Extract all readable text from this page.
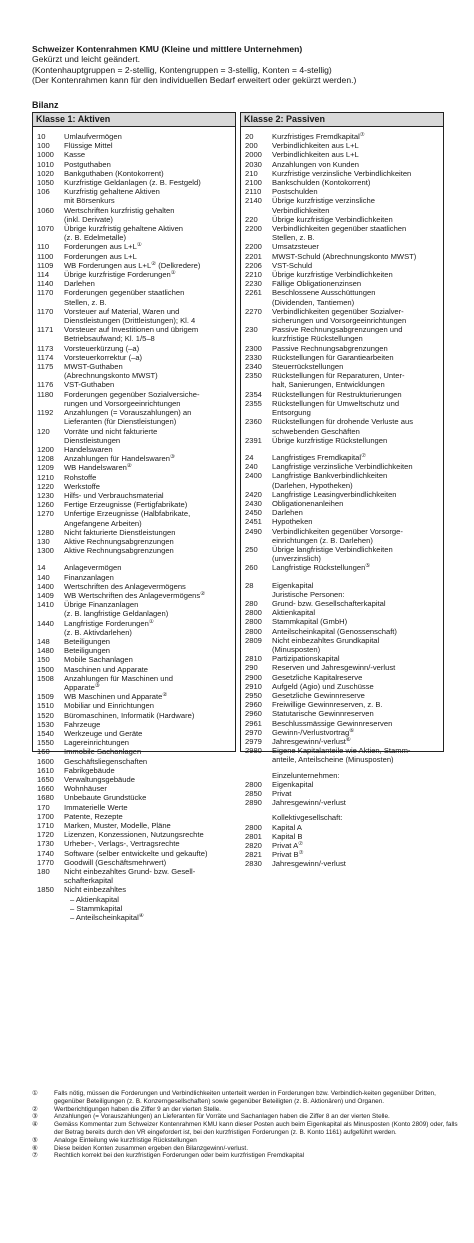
Schweizer Kontenrahmen KMU (Kleine und mittlere Unternehmen)
Gekürzt und leicht geändert.
(Kontenhauptgruppen = 2-stellig, Kontengruppen = 3-stellig, Konten = 4-stellig)
(Der Kontenrahmen kann für den individuellen Bedarf erweitert oder gekürzt werden.)
Bilanz
Klasse 1: Aktiven
10	Umlaufvermögen
100	Flüssige Mittel
1000	Kasse
1010	Postguthaben
1020	Bankguthaben (Kontokorrent)
1050	Kurzfristige Geldanlagen (z. B. Festgeld)
106	Kurzfristig gehaltene Aktiven
mit Börsenkurs
1060	Wertschriften kurzfristig gehalten
(inkl. Derivate)
1070	Übrige kurzfristig gehaltene Aktiven
(z. B. Edelmetalle)
110	Forderungen aus L+L①
1100	Forderungen aus L+L
1109	WB Forderungen aus L+L② (Delkredere)
114	Übrige kurzfristige Forderungen①
1140	Darlehen
1170	Forderungen gegenüber staatlichen
Stellen, z. B.
1170	Vorsteuer auf Material, Waren und
Dienstleistungen (Drittleistungen); Kl. 4
1171	Vorsteuer auf Investitionen und übrigem
Betriebsaufwand; Kl. 1/5–8
1173	Vorsteuerkürzung (–a)
1174	Vorsteuerkorrektur (–a)
1175	MWST-Guthaben
(Abrechnungskonto MWST)
1176	VST-Guthaben
1180	Forderungen gegenüber Sozialversiche-
rungen und Vorsorgeeinrichtungen
1192	Anzahlungen (= Vorauszahlungen) an
Lieferanten (für Dienstleistungen)
120	Vorräte und nicht fakturierte
Dienstleistungen
1200	Handelswaren
1208	Anzahlungen für Handelswaren③
1209	WB Handelswaren②
1210	Rohstoffe
1220	Werkstoffe
1230	Hilfs- und Verbrauchsmaterial
1260	Fertige Erzeugnisse (Fertigfabrikate)
1270	Unfertige Erzeugnisse (Halbfabrikate,
Angefangene Arbeiten)
1280	Nicht fakturierte Dienstleistungen
130	Aktive Rechnungsabgrenzungen
1300	Aktive Rechnungsabgrenzungen
14	Anlagevermögen
140	Finanzanlagen
1400	Wertschriften des Anlagevermögens
1409	WB Wertschriften des Anlagevermögens②
1410	Übrige Finanzanlagen
(z. B. langfristige Geldanlagen)
1440	Langfristige Forderungen①
(z. B. Aktivdarlehen)
148	Beteiligungen
1480	Beteiligungen
150	Mobile Sachanlagen
1500	Maschinen und Apparate
1508	Anzahlungen für Maschinen und
Apparate③
1509	WB Maschinen und Apparate②
1510	Mobiliar und Einrichtungen
1520	Büromaschinen, Informatik (Hardware)
1530	Fahrzeuge
1540	Werkzeuge und Geräte
1550	Lagereinrichtungen
160	Immobile Sachanlagen
1600	Geschäftsliegenschaften
1610	Fabrikgebäude
1650	Verwaltungsgebäude
1660	Wohnhäuser
1680	Unbebaute Grundstücke
170	Immaterielle Werte
1700	Patente, Rezepte
1710	Marken, Muster, Modelle, Pläne
1720	Lizenzen, Konzessionen, Nutzungsrechte
1730	Urheber-, Verlags-, Vertragsrechte
1740	Software (selber entwickelte und gekaufte)
1770	Goodwill (Geschäftsmehrwert)
180	Nicht einbezahltes Grund- bzw. Gesell-
schafterkapital
1850	Nicht einbezahltes
– Aktienkapital
– Stammkapital
– Anteilscheinkapital④
Klasse 2: Passiven
20	Kurzfristiges Fremdkapital⑦
200	Verbindlichkeiten aus L+L
2000	Verbindlichkeiten aus L+L
2030	Anzahlungen von Kunden
210	Kurzfristige verzinsliche Verbindlichkeiten
2100	Bankschulden (Kontokorrent)
2110	Postschulden
2140	Übrige kurzfristige verzinsliche
Verbindlichkeiten
220	Übrige kurzfristige Verbindlichkeiten
2200	Verbindlichkeiten gegenüber staatlichen
Stellen, z. B.
2200	Umsatzsteuer
2201	MWST-Schuld (Abrechnungskonto MWST)
2206	VST-Schuld
2210	Übrige kurzfristige Verbindlichkeiten
2230	Fällige Obligationenzinsen
2261	Beschlossene Ausschüttungen
(Dividenden, Tantiemen)
2270	Verbindlichkeiten gegenüber Sozialver-
sicherungen und Vorsorgeeinrichtungen
230	Passive Rechnungsabgrenzungen und
kurzfristige Rückstellungen
2300	Passive Rechnungsabgrenzungen
2330	Rückstellungen für Garantiearbeiten
2340	Steuerrückstellungen
2350	Rückstellungen für Reparaturen, Unter-
halt, Sanierungen, Entwicklungen
2354	Rückstellungen für Restrukturierungen
2355	Rückstellungen für Umweltschutz und
Entsorgung
2360	Rückstellungen für drohende Verluste aus
schwebenden Geschäften
2391	Übrige kurzfristige Rückstellungen
24	Langfristiges Fremdkapital⑦
240	Langfristige verzinsliche Verbindlichkeiten
2400	Langfristige Bankverbindlichkeiten
(Darlehen, Hypotheken)
2420	Langfristige Leasingverbindlichkeiten
2430	Obligationenanleihen
2450	Darlehen
2451	Hypotheken
2490	Verbindlichkeiten gegenüber Vorsorge-
einrichtungen (z. B. Darlehen)
250	Übrige langfristige Verbindlichkeiten
(unverzinslich)
260	Langfristige Rückstellungen⑤
28	Eigenkapital
Juristische Personen:
280	Grund- bzw. Gesellschafterkapital
2800	Aktienkapital
2800	Stammkapital (GmbH)
2800	Anteilscheinkapital (Genossenschaft)
2809	Nicht einbezahltes Grundkapital
(Minusposten)
2810	Partizipationskapital
290	Reserven und Jahresgewinn/-verlust
2900	Gesetzliche Kapitalreserve
2910	Aufgeld (Agio) und Zuschüsse
2950	Gesetzliche Gewinnreserve
2960	Freiwillige Gewinnreserven, z. B.
2960	Statutarische Gewinnreserven
2961	Beschlussmässige Gewinnreserven
2970	Gewinn-/Verlustvortrag⑥
2979	Jahresgewinn/-verlust⑥
2980	Eigene Kapitalanteile wie Aktien, Stamm-
anteile, Anteilscheine (Minusposten)
Einzelunternehmen:
2800	Eigenkapital
2850	Privat
2890	Jahresgewinn/-verlust
Kollektivgesellschaft:
2800	Kapital A
2801	Kapital B
2820	Privat A⑦
2821	Privat B⑦
2830	Jahresgewinn/-verlust
①	Falls nötig, müssen die Forderungen und Verbindlichkeiten unterteilt werden in Forderungen bzw. Verbindlich-keiten gegenüber Dritten, gegenüber Beteiligungen (z. B. Konzerngesellschaften) sowie gegenüber Beteiligten (z. B. Aktionären) und Organen.
②	Wertberichtigungen haben die Ziffer 9 an der vierten Stelle.
③	Anzahlungen (= Vorauszahlungen) an Lieferanten für Vorräte und Sachanlagen haben die Ziffer 8 an der vierten Stelle.
④	Gemäss Kommentar zum Schweizer Kontenrahmen KMU kann dieser Posten auch beim Eigenkapital als Minusposten (Konto 2809) oder, falls der Betrag bereits durch den VR eingefordert ist, bei den kurzfristigen Forderungen (z. B. Konto 1161) aufgeführt werden.
⑤	Analoge Einteilung wie kurzfristige Rückstellungen
⑥	Diese beiden Konten zusammen ergeben den Bilanzgewinn/-verlust.
⑦	Rechtlich korrekt bei den kurzfristigen Forderungen oder beim kurzfristigen Fremdkapital
